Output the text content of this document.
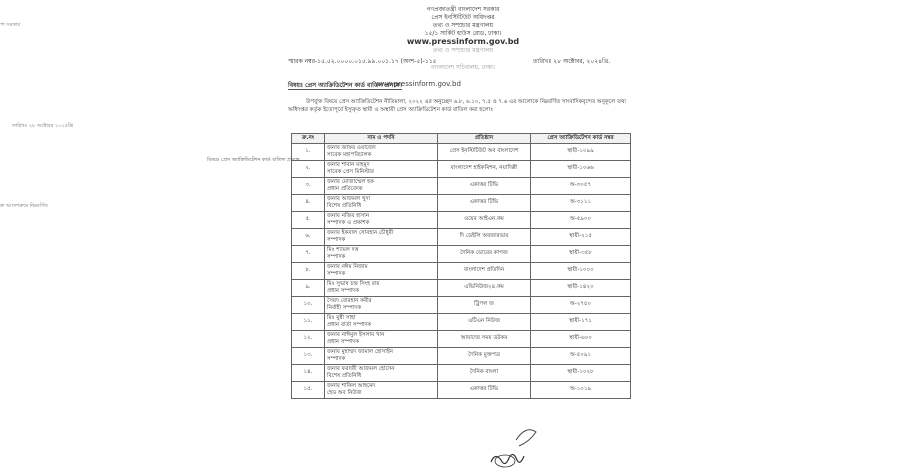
প্য সরকার
তারিখঃ ২৮ অক্টোবর ২০২৪খ্রি
বিষয়ঃ প্রেস অ্যাক্রিডিটেশন কার্ড বাতিল প্রসঙ্গে
ক্র আদেশক্রমে নিম্নবর্ণিত
গণপ্রজাতন্ত্রী বাংলাদেশ সরকার
প্রেস ইনস্টিটিউট অধিদপ্তর
তথ্য ও সম্প্রচার মন্ত্রণালয়
১৫/১ সার্কিট হাউস রোড, ঢাকা।
www.pressinform.gov.bd
তথ্য ও সম্প্রচার মন্ত্রণালয়
স্মারক নম্বর-১৫.৫২.০০০০.০১৫.৯৯.০০১.১৭ (অংশ-৫)-১১৫	তারিখঃ ২৮ অক্টোবর, ২০২৪খ্রি.
বাংলাদেশ সচিবালয়, ঢাকা।
বিষয়ঃ প্রেস অ্যাক্রিডিটেশন কার্ড বাতিল প্রসঙ্গে।
www.pressinform.gov.bd
উপর্যুক্ত বিষয়ে প্রেস অ্যাক্রিডিটেশন নীতিমালা, ২০২২ এর অনুচ্ছেদ ৬.৮, ৬.১০, ৭.৫ ও ৭.৬ এর আলোকে নিম্নবর্ণিত সাংবাদিকবৃন্দের অনুকূলে তথ্য অধিদপ্তর কর্তৃক ইতোপূর্বে ইস্যুকৃত স্থায়ী ও অস্থায়ী প্রেস অ্যাক্রিডিটেশন কার্ড বাতিল করা হলোঃ
ক্র.নং	নাম ও পদবি	প্রতিষ্ঠান	প্রেস অ্যাক্রিডিটেশন কার্ড নম্বর
১.	জনাব জাফর ওয়াজেদ
সাবেক মহাপরিচালক	প্রেস ইনস্টিটিউট অব বাংলাদেশ	স্থায়ী-১০৯৯
২.	জনাব শাবান মাহমুদ
সাবেক প্রেস মিনিস্টার	বাংলাদেশ হাইকমিশন, নয়াদিল্লী	স্থায়ী-১০৬৬
৩.	জনাব মোজাম্মেল হক
প্রধান প্রতিবেদক	একাত্তর টিভি	অ-৩০৫৭
৪.	জনাব আজমল খুদা
বিশেষ প্রতিনিধি	একাত্তর টিভি	অ-৩১১১
৫.	জনাব নজিব হাসান
সম্পাদক ও প্রকাশক	ওয়েব আইএন.কম	অ-৫৯০০
৬.	জনাব ইকবাল সোবহান চৌধুরী
সম্পাদক	দি ডেইলি অবজারভার	স্থায়ী-২১৫
৭.	মিঃ শ্যামল দত্ত
সম্পাদক	দৈনিক ভোরের কাগজ	স্থায়ী-৩৫৮
৮.	জনাব নঈম নিজাম
সম্পাদক	বাংলাদেশ প্রতিদিন	স্থায়ী-১০০০
৯.	মিঃ সুভাষ চন্দ্র সিংহ রায়
প্রধান সম্পাদক	এভিনিউজ২৪.কম	স্থায়ী-১৪২০
১০.	সৈয়দ বোরহান কবীর
নির্বাহী সম্পাদক	ট্রিপল জ	অ-২৭৫০
১১.	মিঃ মুন্নী সাহা
প্রধান বার্তা সম্পাদক	এটিএন নিউজ	স্থায়ী-১৭১
১২.	জনাব নাঈমুল ইসলাম খান
প্রধান সম্পাদক	আমাদের সময় ডটকম	স্থায়ী-৬০০
১৩.	জনাব মুহাম্মদ জামাল হোসাইন
সম্পাদক	দৈনিক মুক্তপত্র	অ-৫০৯১
১৪.	জনাব ফরাজী আজমল হোসেন
বিশেষ প্রতিনিধি	দৈনিক বাংলা	স্থায়ী-১০২৮
১৫.	জনাব শাকিল আহমেদ
হেড অব নিউজ	একাত্তর টিভি	অ-১০১৯
